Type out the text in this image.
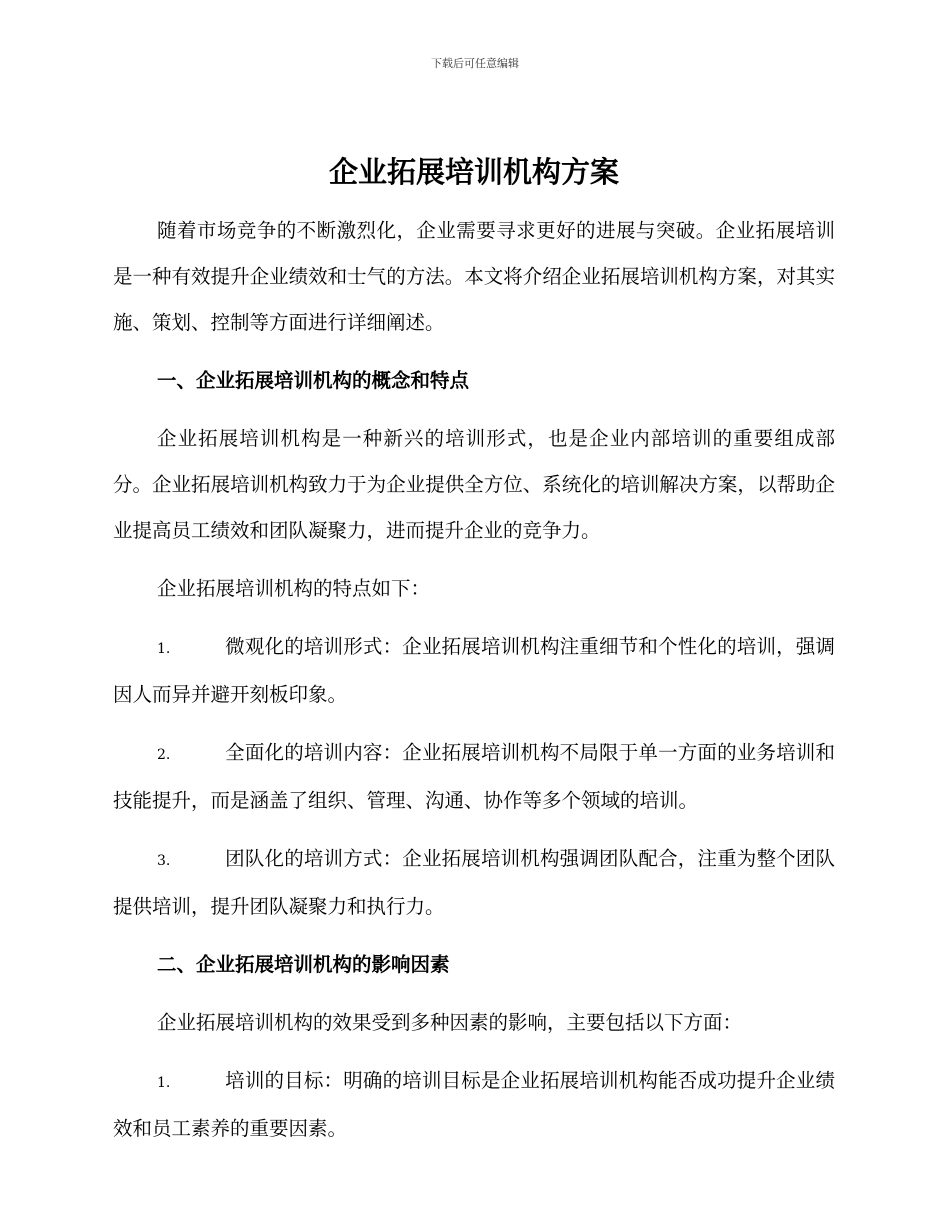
下载后可任意编辑
企业拓展培训机构方案

随着市场竞争的不断激烈化，企业需要寻求更好的进展与突破。企业拓展培训是一种有效提升企业绩效和士气的方法。本文将介绍企业拓展培训机构方案，对其实施、策划、控制等方面进行详细阐述。

一、企业拓展培训机构的概念和特点

企业拓展培训机构是一种新兴的培训形式，也是企业内部培训的重要组成部分。企业拓展培训机构致力于为企业提供全方位、系统化的培训解决方案，以帮助企业提高员工绩效和团队凝聚力，进而提升企业的竞争力。

企业拓展培训机构的特点如下：

1.	微观化的培训形式：企业拓展培训机构注重细节和个性化的培训，强调因人而异并避开刻板印象。

2.	全面化的培训内容：企业拓展培训机构不局限于单一方面的业务培训和技能提升，而是涵盖了组织、管理、沟通、协作等多个领域的培训。

3.	团队化的培训方式：企业拓展培训机构强调团队配合，注重为整个团队提供培训，提升团队凝聚力和执行力。

二、企业拓展培训机构的影响因素

企业拓展培训机构的效果受到多种因素的影响，主要包括以下方面：

1.	培训的目标：明确的培训目标是企业拓展培训机构能否成功提升企业绩效和员工素养的重要因素。
